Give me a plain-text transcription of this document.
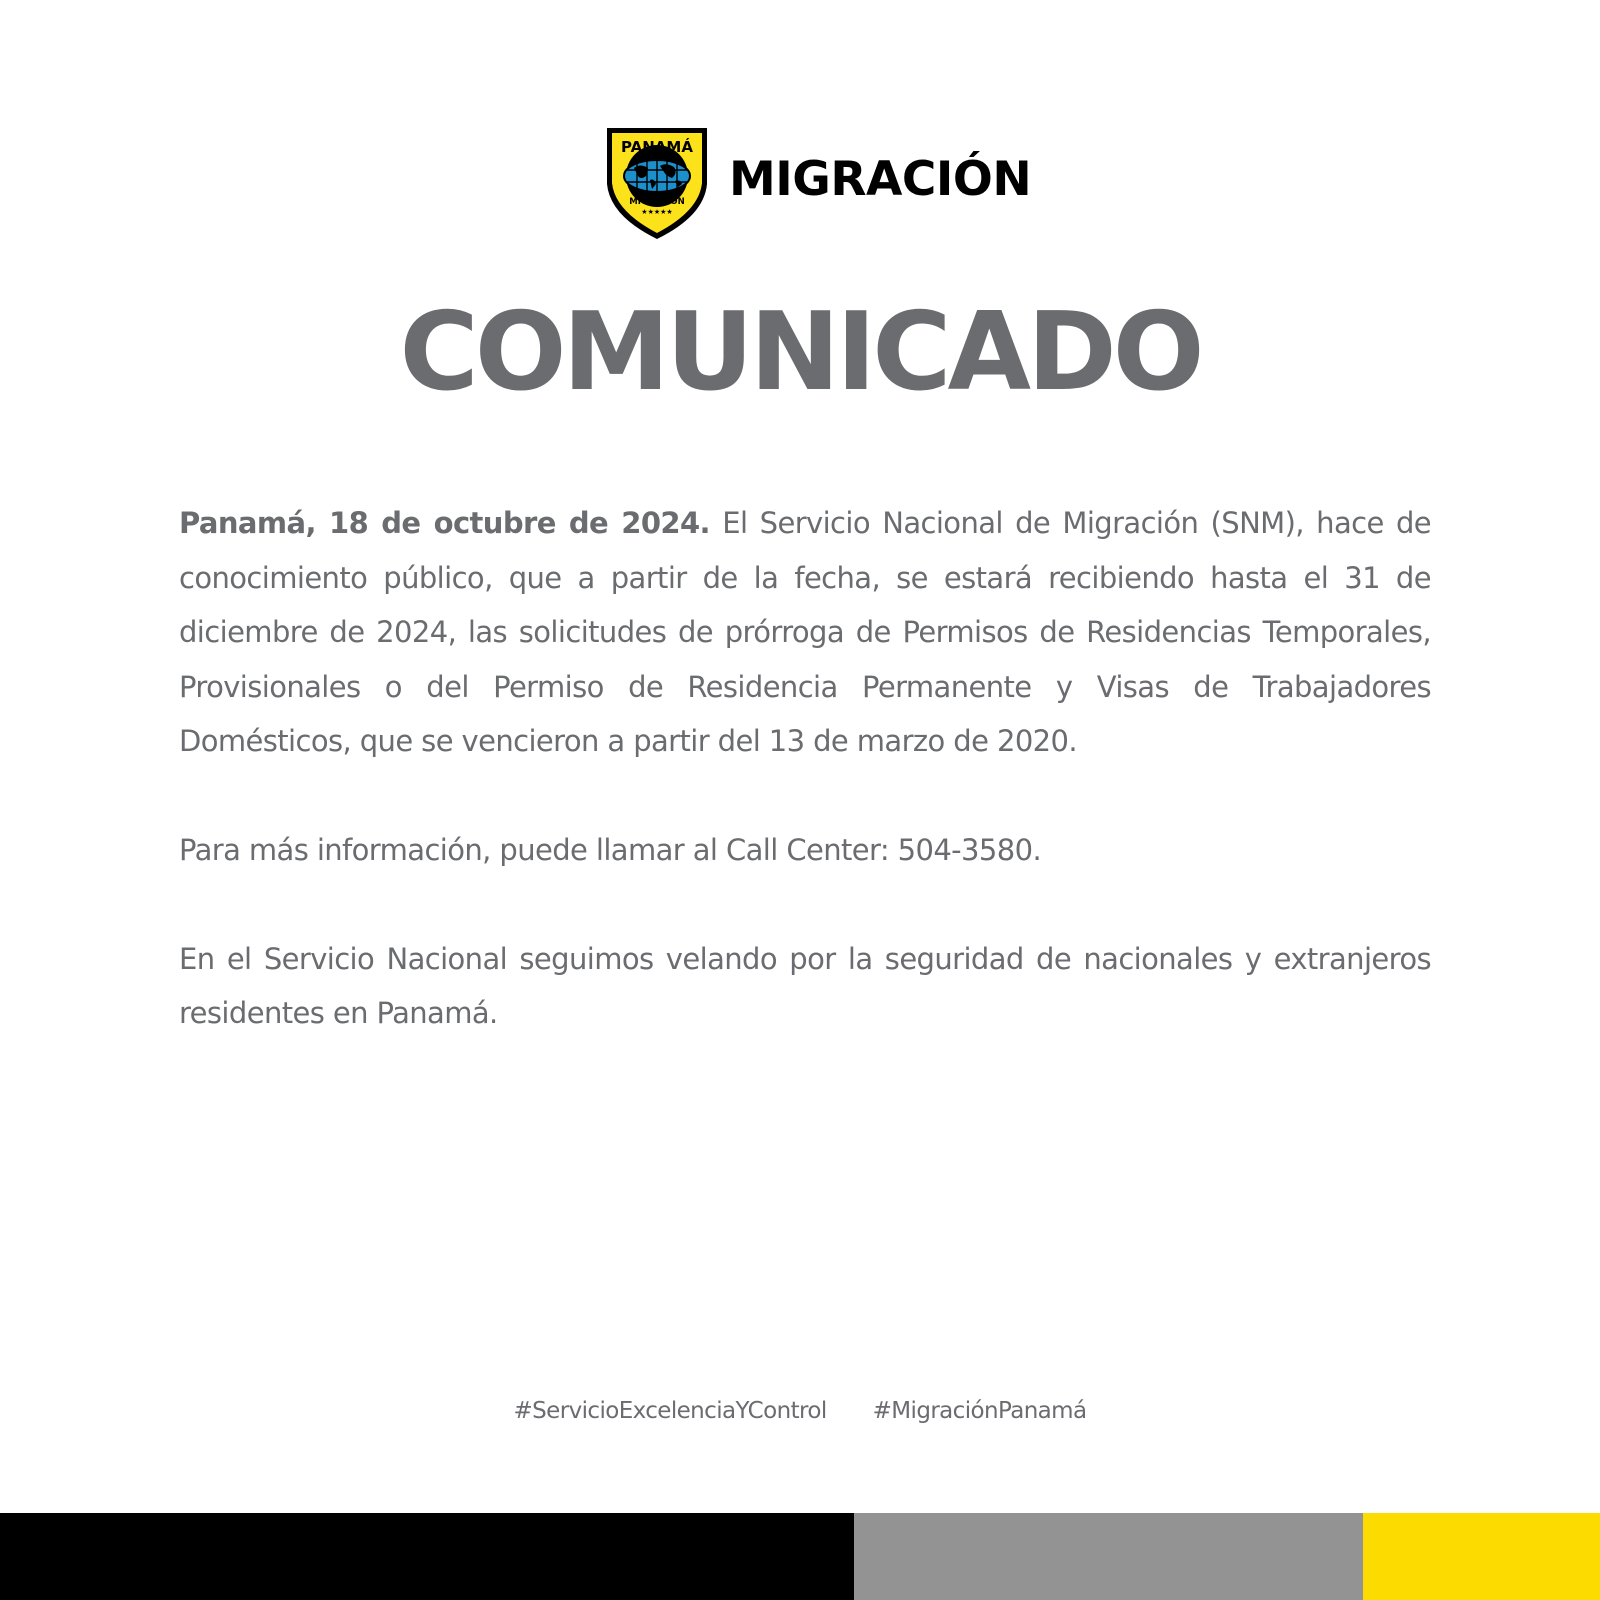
PANAMÁ
MIGRACIÓN
★★★★★
MIGRACIÓN
COMUNICADO

Panamá, 18 de octubre de 2024. El Servicio Nacional de Migración (SNM), hace de conocimiento público, que a partir de la fecha, se estará recibiendo hasta el 31 de diciembre de 2024, las solicitudes de prórroga de Permisos de Residencias Temporales, Provisionales o del Permiso de Residencia Permanente y Visas de Trabajadores Domésticos, que se vencieron a partir del 13 de marzo de 2020.

Para más información, puede llamar al Call Center: 504-3580.

En el Servicio Nacional seguimos velando por la seguridad de nacionales y extranjeros residentes en Panamá.

#ServicioExcelenciaYControl #MigraciónPanamá
